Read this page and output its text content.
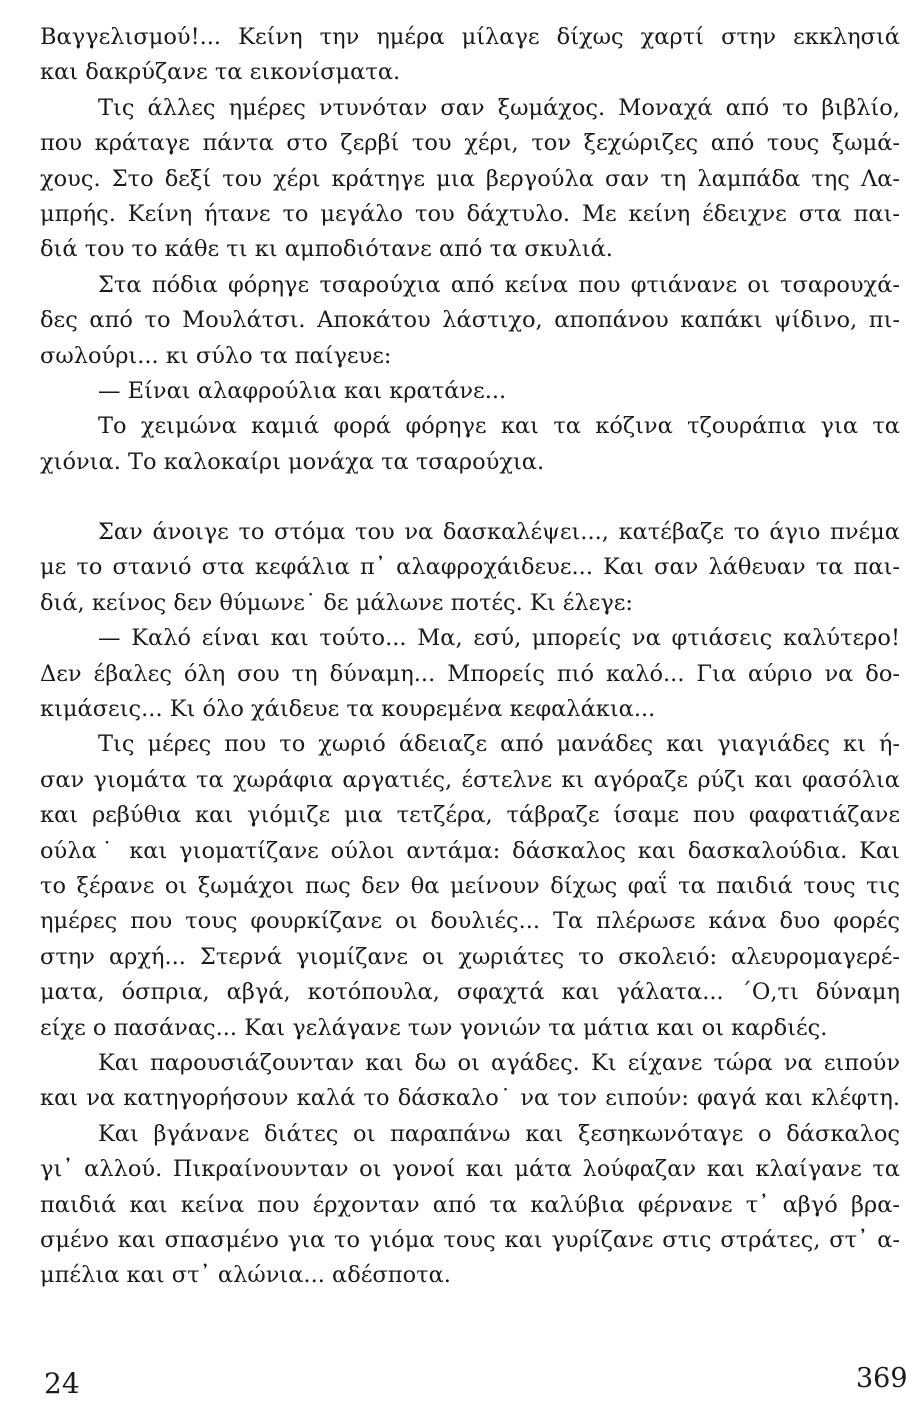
Βαγγελισμού!... Κείνη την ημέρα μίλαγε δίχως χαρτί στην εκκλησιά
και δακρύζανε τα εικονίσματα.
Τις άλλες ημέρες ντυνόταν σαν ξωμάχος. Μοναχά από το βιβλίο,
που κράταγε πάντα στο ζερβί του χέρι, τον ξεχώριζες από τους ξωμά-
χους. Στο δεξί του χέρι κράτηγε μια βεργούλα σαν τη λαμπάδα της Λα-
μπρής. Κείνη ήτανε το μεγάλο του δάχτυλο. Με κείνη έδειχνε στα παι-
διά του το κάθε τι κι αμποδιότανε από τα σκυλιά.
Στα πόδια φόρηγε τσαρούχια από κείνα που φτιάνανε οι τσαρουχά-
δες από το Μουλάτσι. Αποκάτου λάστιχο, αποπάνου καπάκι ψίδινο, πι-
σωλούρι... κι σύλο τα παίγευε:
— Είναι αλαφρούλια και κρατάνε...
Το χειμώνα καμιά φορά φόρηγε και τα κόζινα τζουράπια για τα
χιόνια. Το καλοκαίρι μονάχα τα τσαρούχια.
Σαν άνοιγε το στόμα του να δασκαλέψει..., κατέβαζε το άγιο πνέμα
με το στανιό στα κεφάλια π᾽ αλαφροχάιδευε... Και σαν λάθευαν τα παι-
διά, κείνος δεν θύμωνε˙ δε μάλωνε ποτές. Κι έλεγε:
— Καλό είναι και τούτο... Μα, εσύ, μπορείς να φτιάσεις καλύτερο!
Δεν έβαλες όλη σου τη δύναμη... Μπορείς πιό καλό... Για αύριο να δο-
κιμάσεις... Κι όλο χάιδευε τα κουρεμένα κεφαλάκια...
Τις μέρες που το χωριό άδειαζε από μανάδες και γιαγιάδες κι ή-
σαν γιομάτα τα χωράφια αργατιές, έστελνε κι αγόραζε ρύζι και φασόλια
και ρεβύθια και γιόμιζε μια τετζέρα, τάβραζε ίσαμε που φαφατιάζανε
ούλα˙ και γιοματίζανε ούλοι αντάμα: δάσκαλος και δασκαλούδια. Και
το ξέρανε οι ξωμάχοι πως δεν θα μείνουν δίχως φαΐ τα παιδιά τους τις
ημέρες που τους φουρκίζανε οι δουλιές... Τα πλέρωσε κάνα δυο φορές
στην αρχή... Στερνά γιομίζανε οι χωριάτες το σκολειό: αλευρομαγερέ-
ματα, όσπρια, αβγά, κοτόπουλα, σφαχτά και γάλατα... ΄Ο,τι δύναμη
είχε ο πασάνας... Και γελάγανε των γονιών τα μάτια και οι καρδιές.
Και παρουσιάζουνταν και δω οι αγάδες. Κι είχανε τώρα να ειπούν
και να κατηγορήσουν καλά το δάσκαλο˙ να τον ειπούν: φαγά και κλέφτη.
Και βγάνανε διάτες οι παραπάνω και ξεσηκωνόταγε ο δάσκαλος
γι᾽ αλλού. Πικραίνουνταν οι γονοί και μάτα λούφαζαν και κλαίγανε τα
παιδιά και κείνα που έρχονταν από τα καλύβια φέρνανε τ᾽ αβγό βρα-
σμένο και σπασμένο για το γιόμα τους και γυρίζανε στις στράτες, στ᾽ α-
μπέλια και στ᾽ αλώνια... αδέσποτα.
24	369
